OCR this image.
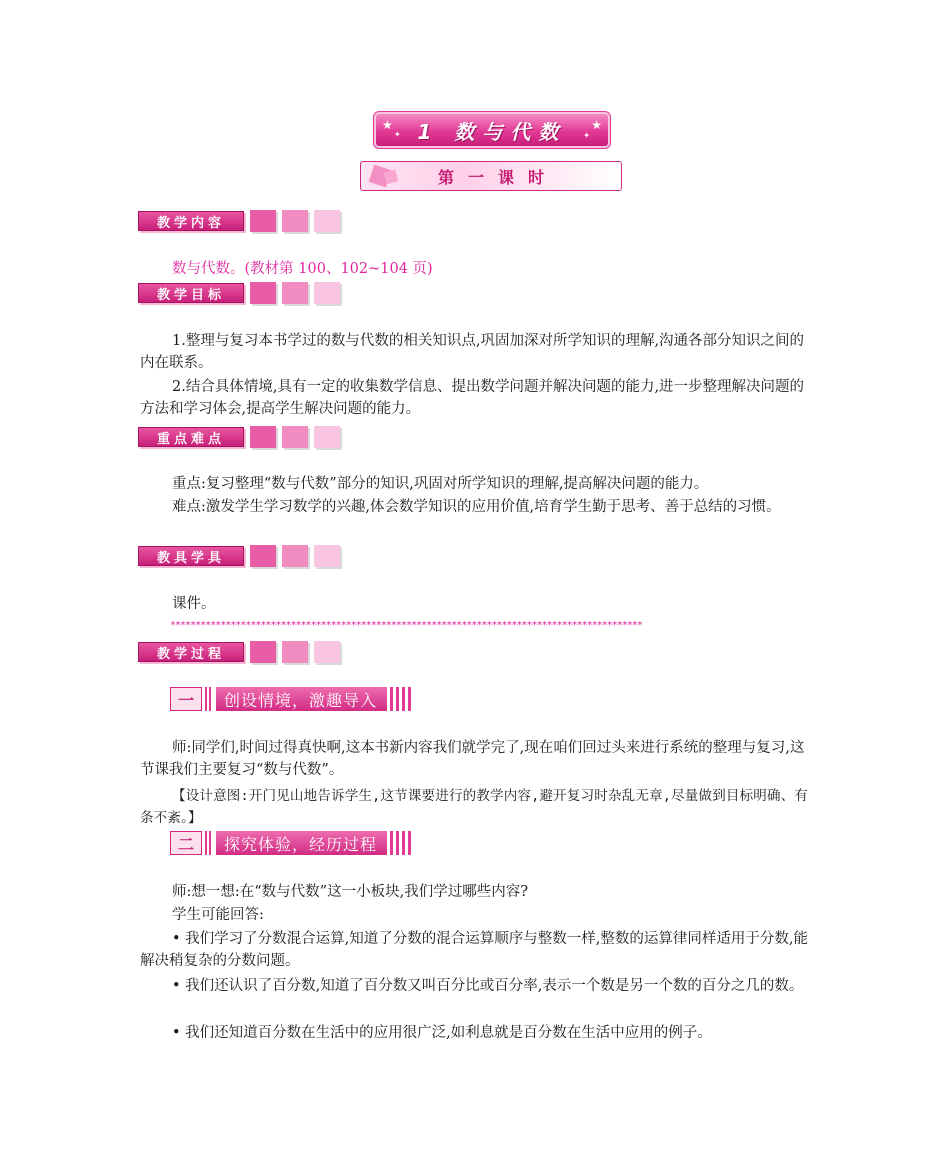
★
✦
★
✦
1 数与代数
第一课时
教学内容
数与代数。(教材第 100、102~104 页)
教学目标
1.整理与复习本书学过的数与代数的相关知识点,巩固加深对所学知识的理解,沟通各部分知识之间的内在联系。
2.结合具体情境,具有一定的收集数学信息、提出数学问题并解决问题的能力,进一步整理解决问题的方法和学习体会,提高学生解决问题的能力。
重点难点
重点:复习整理“数与代数”部分的知识,巩固对所学知识的理解,提高解决问题的能力。
难点:激发学生学习数学的兴趣,体会数学知识的应用价值,培育学生勤于思考、善于总结的习惯。
教具学具
课件。
**********************************************************************************************
教学过程
一	创设情境，激趣导入
师:同学们,时间过得真快啊,这本书新内容我们就学完了,现在咱们回过头来进行系统的整理与复习,这节课我们主要复习“数与代数”。
【设计意图:开门见山地告诉学生,这节课要进行的教学内容,避开复习时杂乱无章,尽量做到目标明确、有条不紊。】
二	探究体验，经历过程
师:想一想:在“数与代数”这一小板块,我们学过哪些内容?
学生可能回答:
• 我们学习了分数混合运算,知道了分数的混合运算顺序与整数一样,整数的运算律同样适用于分数,能解决稍复杂的分数问题。
• 我们还认识了百分数,知道了百分数又叫百分比或百分率,表示一个数是另一个数的百分之几的数。
• 我们还知道百分数在生活中的应用很广泛,如利息就是百分数在生活中应用的例子。
